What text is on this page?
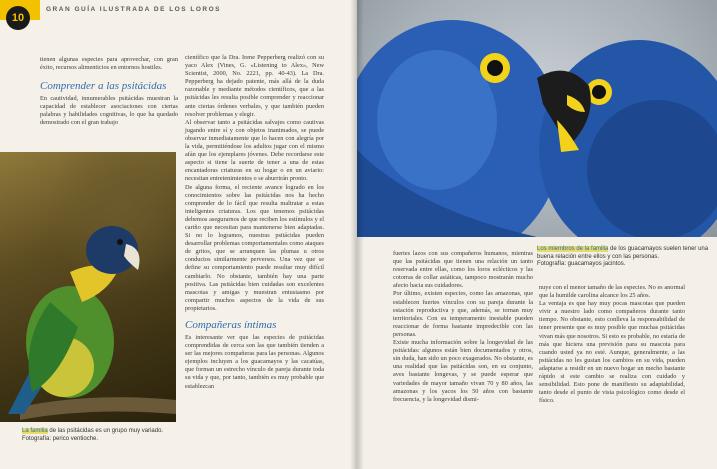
10
GRAN GUÍA ILUSTRADA DE LOS LOROS

tienen algunas especies para aprovechar, con gran éxito, recursos alimenticios en entornos hostiles.

Comprender a las psitácidas

En cautividad, innumerables psitácidas muestran la capacidad de establecer asociaciones con ciertas palabras y habilidades cognitivas, lo que ha quedado demostrado con el gran trabajo

La familia de las psitácidas es un grupo muy variado.
Fotografía: perico ventioche.

científico que la Dra. Irene Pepperberg realizó con su yaco Alex (Vines, G. «Listening to Alex», New Scientist, 2000, No. 2221, pp. 40-43). La Dra. Pepperberg ha dejado patente, más allá de la duda razonable y mediante métodos científicos, que a las psitácidas les resulta posible comprender y reaccionar ante ciertas órdenes verbales, y que también pueden resolver problemas y elegir.
Al observar tanto a psitácidas salvajes como cautivas jugando entre sí y con objetos inanimados, se puede observar inmediatamente que lo hacen con alegría por la vida, permitiéndose los adultos jugar con el mismo afán que los ejemplares jóvenes. Debe recordarse este aspecto si tiene la suerte de tener a una de estas encantadoras criaturas en su hogar o en un aviario: necesitan entretenimientos o se aburrirán pronto.
De alguna forma, el reciente avance logrado en los conocimientos sobre las psitácidas nos ha hecho comprender de lo fácil que resulta maltratar a estas inteligentes criaturas. Los que tenemos psitácidas debemos asegurarnos de que reciben los estímulos y el cariño que necesitan para mantenerse bien adaptadas. Si no lo logramos, nuestras psitácidas pueden desarrollar problemas comportamentales como ataques de gritos, que se arranquen las plumas u otros conductos similarmente perversos. Una vez que se define su comportamiento puede resultar muy difícil cambiarlo. No obstante, también hay una parte positiva. Las psitácidas bien cuidadas son excelentes mascotas y amigas y muestran entusiasmo por compartir muchos aspectos de la vida de sus propietarios.

Compañeras íntimas

Es interesante ver que las especies de psitácidas comprendidas de cerca son las que también tienden a ser las mejores compañeras para las personas. Algunos ejemplos incluyen a los guacamayos y las cacatúas, que forman un estrecho vínculo de pareja durante toda su vida y que, por tanto, también es muy probable que establezcan

Los miembros de la familia de los guacamayos suelen tener una buena relación entre ellos y con las personas.
Fotografía: guacamayos jacintos.

fuertes lazos con sus compañeros humanos, mientras que las psitácidas que tienen una relación un tanto reservada entre ellas, como los loros eclécticos y las cotorras de collar asiáticas, tampoco mostrarán mucho afecto hacia sus cuidadores.
Por último, existen especies, como las amazonas, que establecen fuertes vínculos con su pareja durante la estación reproductiva y que, además, se tornan muy territoriales. Con su temperamento inestable pueden reaccionar de forma bastante impredecible con las personas.
Existe mucha información sobre la longevidad de las psitácidas: algunos están bien documentados y otros, sin duda, han sido un poco exagerados. No obstante, es una realidad que las psitácidas son, en su conjunto, aves bastante longevas, y se puede esperar que variedades de mayor tamaño vivan 70 y 80 años, las amazonas y los yacos los 50 años con bastante frecuencia, y la longevidad dismi-

nuye con el menor tamaño de las especies. No es anormal que la humilde carolina alcance los 25 años.
La ventaja es que hay muy pocas mascotas que pueden vivir a nuestro lado como compañeros durante tanto tiempo. No obstante, esto conlleva la responsabilidad de tener presente que es muy posible que muchas psitácidas vivan más que nosotros. Si esto es probable, no estaría de más que hiciera una previsión para su mascota para cuando usted ya no esté. Aunque, generalmente, a las psitácidas no les gustan los cambios en su vida, pueden adaptarse a residir en un nuevo hogar un mecho bastante rápido si este cambio se realiza con cuidado y sensibilidad. Esto pone de manifiesto su adaptabilidad, tanto desde el punto de vista psicológico como desde el físico.
